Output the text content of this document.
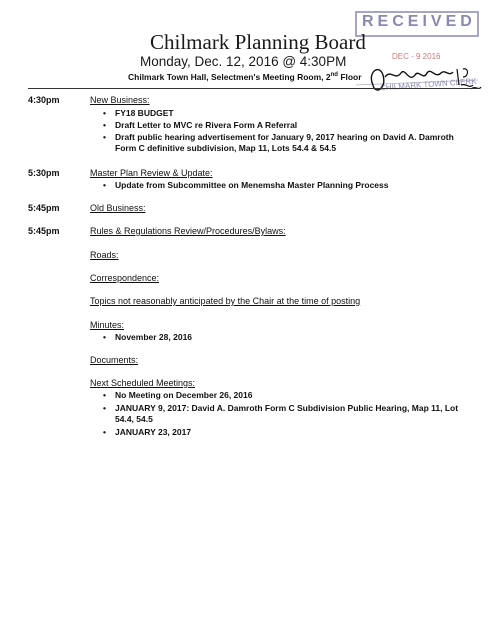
RECEIVED
DEC - 9 2016
CHILMARK TOWN CLERK
Chilmark Planning Board
Monday, Dec. 12, 2016 @ 4:30PM
Chilmark Town Hall, Selectmen's Meeting Room, 2nd Floor
4:30pm	New Business:
• FY18 BUDGET
• Draft Letter to MVC re Rivera Form A Referral
• Draft public hearing advertisement for January 9, 2017 hearing on David A. Damroth Form C definitive subdivision, Map 11, Lots 54.4 & 54.5
5:30pm	Master Plan Review & Update:
• Update from Subcommittee on Menemsha Master Planning Process
5:45pm	Old Business:
5:45pm	Rules & Regulations Review/Procedures/Bylaws:
Roads:
Correspondence:
Topics not reasonably anticipated by the Chair at the time of posting
Minutes:
• November 28, 2016
Documents:
Next Scheduled Meetings:
• No Meeting on December 26, 2016
• JANUARY 9, 2017: David A. Damroth Form C Subdivision Public Hearing, Map 11, Lot 54.4, 54.5
• JANUARY 23, 2017
